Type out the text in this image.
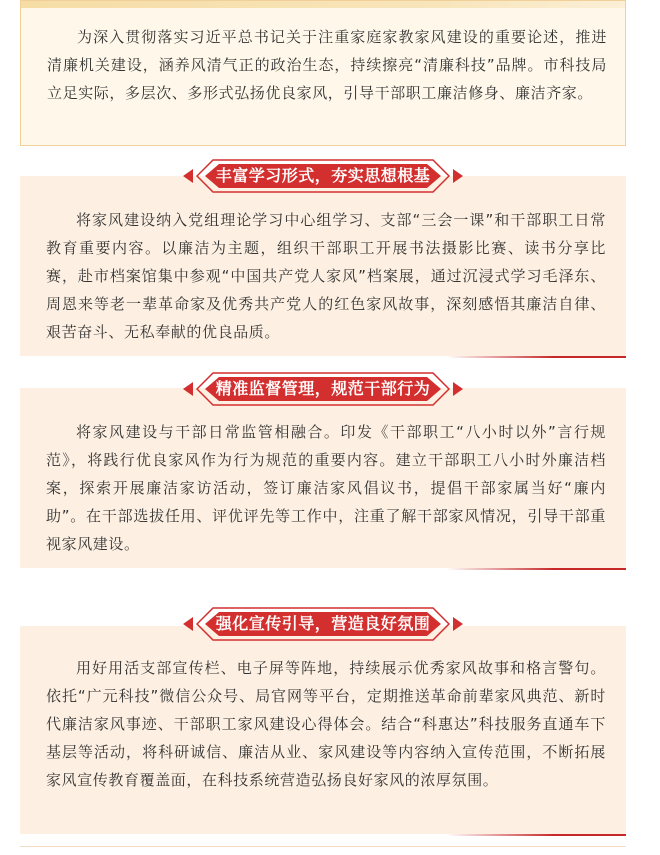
为深入贯彻落实习近平总书记关于注重家庭家教家风建设的重要论述，推进清廉机关建设，涵养风清气正的政治生态，持续擦亮“清廉科技”品牌。市科技局立足实际，多层次、多形式弘扬优良家风，引导干部职工廉洁修身、廉洁齐家。

将家风建设纳入党组理论学习中心组学习、支部“三会一课”和干部职工日常教育重要内容。以廉洁为主题，组织干部职工开展书法摄影比赛、读书分享比赛，赴市档案馆集中参观“中国共产党人家风”档案展，通过沉浸式学习毛泽东、周恩来等老一辈革命家及优秀共产党人的红色家风故事，深刻感悟其廉洁自律、艰苦奋斗、无私奉献的优良品质。

丰富学习形式，夯实思想根基

将家风建设与干部日常监管相融合。印发《干部职工“八小时以外”言行规范》，将践行优良家风作为行为规范的重要内容。建立干部职工八小时外廉洁档案，探索开展廉洁家访活动，签订廉洁家风倡议书，提倡干部家属当好“廉内助”。在干部选拔任用、评优评先等工作中，注重了解干部家风情况，引导干部重视家风建设。

精准监督管理，规范干部行为

用好用活支部宣传栏、电子屏等阵地，持续展示优秀家风故事和格言警句。依托“广元科技”微信公众号、局官网等平台，定期推送革命前辈家风典范、新时代廉洁家风事迹、干部职工家风建设心得体会。结合“科惠达”科技服务直通车下基层等活动，将科研诚信、廉洁从业、家风建设等内容纳入宣传范围，不断拓展家风宣传教育覆盖面，在科技系统营造弘扬良好家风的浓厚氛围。

强化宣传引导，营造良好氛围
